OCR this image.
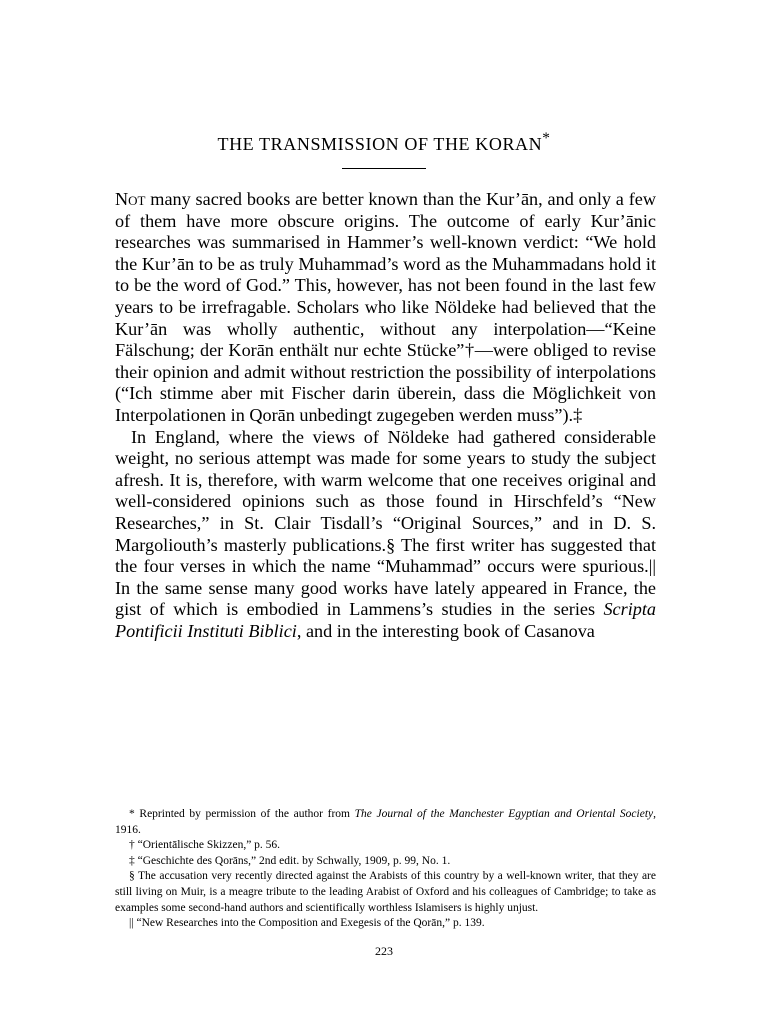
THE TRANSMISSION OF THE KORAN*

Not many sacred books are better known than the Kur’ān, and only a few of them have more obscure origins. The outcome of early Kur’ānic researches was summarised in Hammer’s well-known verdict: “We hold the Kur’ān to be as truly Muhammad’s word as the Muhammadans hold it to be the word of God.” This, however, has not been found in the last few years to be irrefragable. Scholars who like Nöldeke had believed that the Kur’ān was wholly authentic, without any interpolation—“Keine Fälschung; der Korān enthält nur echte Stücke”†—were obliged to revise their opinion and admit without restriction the possibility of interpolations (“Ich stimme aber mit Fischer darin überein, dass die Möglichkeit von Interpolationen in Qorān unbedingt zugegeben werden muss”).‡

In England, where the views of Nöldeke had gathered considerable weight, no serious attempt was made for some years to study the subject afresh. It is, therefore, with warm welcome that one receives original and well-considered opinions such as those found in Hirschfeld’s “New Researches,” in St. Clair Tisdall’s “Original Sources,” and in D. S. Margoliouth’s masterly publications.§ The first writer has suggested that the four verses in which the name “Muhammad” occurs were spurious.|| In the same sense many good works have lately appeared in France, the gist of which is embodied in Lammens’s studies in the series Scripta Pontificii Instituti Biblici, and in the interesting book of Casanova

* Reprinted by permission of the author from The Journal of the Manchester Egyptian and Oriental Society, 1916.

† “Orientālische Skizzen,” p. 56.

‡ “Geschichte des Qorāns,” 2nd edit. by Schwally, 1909, p. 99, No. 1.

§ The accusation very recently directed against the Arabists of this country by a well-known writer, that they are still living on Muir, is a meagre tribute to the leading Arabist of Oxford and his colleagues of Cambridge; to take as examples some second-hand authors and scientifically worthless Islamisers is highly unjust.

|| “New Researches into the Composition and Exegesis of the Qorān,” p. 139.

223
